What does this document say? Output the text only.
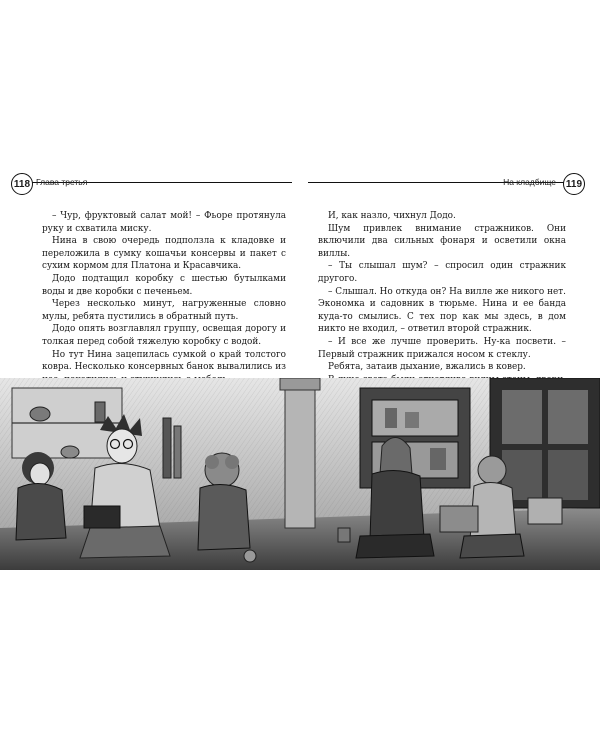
118 Глава третья	На кладбище 119

– Чур, фруктовый салат мой! – Фьоре протянула руку и схватила миску.

Нина в свою очередь подползла к кладовке и переложила в сумку кошачьи консервы и пакет с сухим кормом для Платона и Красавчика.

Додо подтащил коробку с шестью бутылками воды и две коробки с печеньем.

Через несколько минут, нагруженные словно мулы, ребята пустились в обратный путь.

Додо опять возглавлял группу, освещая дорогу и толкая перед собой тяжелую коробку с водой.

Но тут Нина зацепилась сумкой о край толстого ковра. Несколько консервных банок вывалились из

И, как назло, чихнул Додо.

Шум привлек внимание стражников. Они включили два сильных фонаря и осветили окна виллы.

– Ты слышал шум? – спросил один стражник другого.

– Слышал. Но откуда он? На вилле же никого нет. Экономка и садовник в тюрьме. Нина и ее банда куда-то смылись. С тех пор как мы здесь, в дом никто не входил, – ответил второй стражник.

– И все же лучше проверить. Ну-ка посвети. – Первый стражник прижался носом к стеклу.

Ребята, затаив дыхание, вжались в ковер.
